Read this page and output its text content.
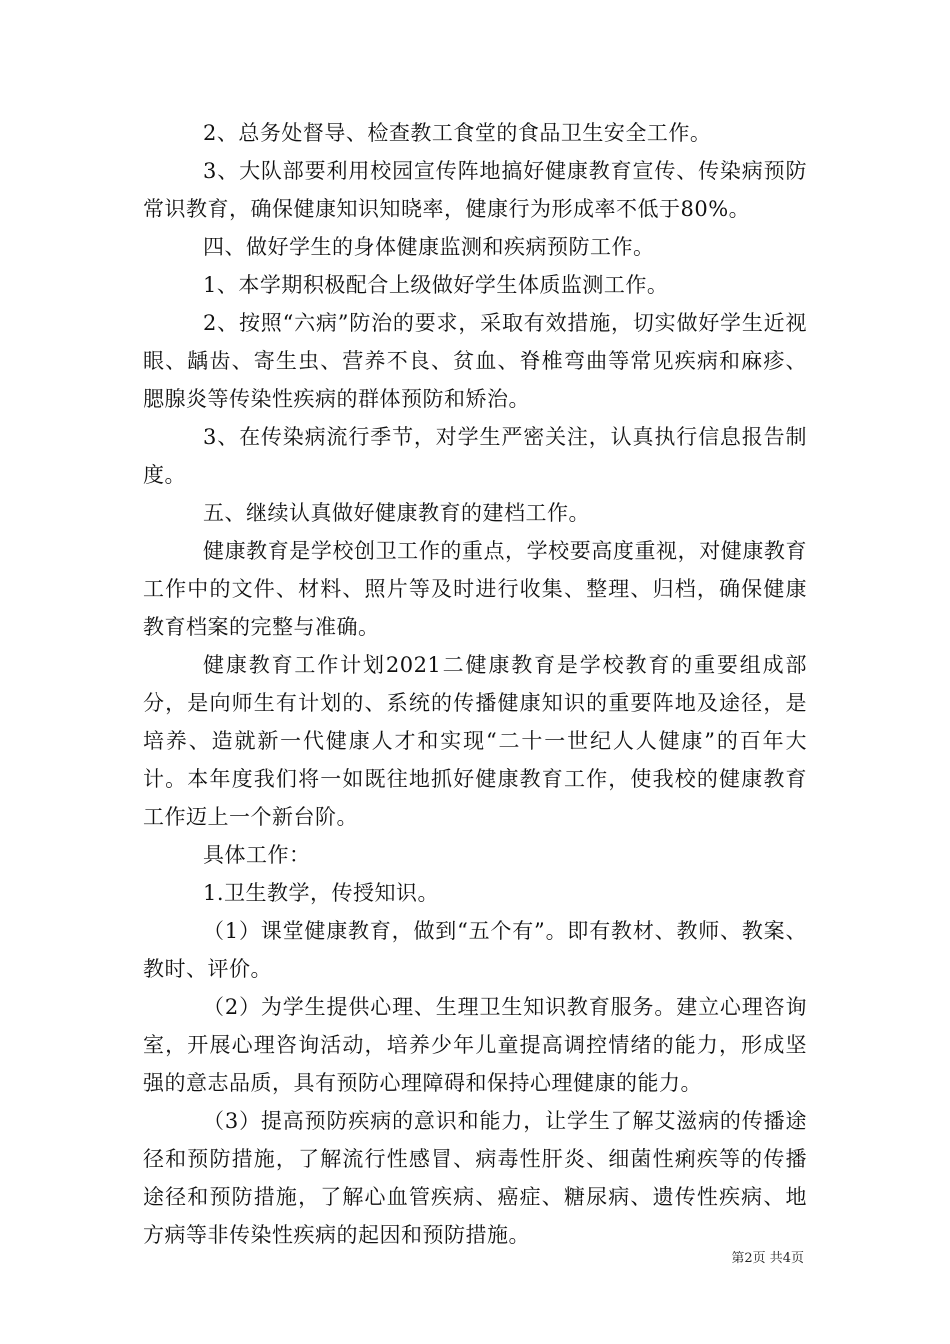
2、总务处督导、检查教工食堂的食品卫生安全工作。

3、大队部要利用校园宣传阵地搞好健康教育宣传、传染病预防常识教育，确保健康知识知晓率，健康行为形成率不低于80%。

四、做好学生的身体健康监测和疾病预防工作。

1、本学期积极配合上级做好学生体质监测工作。

2、按照“六病”防治的要求，采取有效措施，切实做好学生近视眼、龋齿、寄生虫、营养不良、贫血、脊椎弯曲等常见疾病和麻疹、腮腺炎等传染性疾病的群体预防和矫治。

3、在传染病流行季节，对学生严密关注，认真执行信息报告制度。

五、继续认真做好健康教育的建档工作。

健康教育是学校创卫工作的重点，学校要高度重视，对健康教育工作中的文件、材料、照片等及时进行收集、整理、归档，确保健康教育档案的完整与准确。

健康教育工作计划2021二健康教育是学校教育的重要组成部分，是向师生有计划的、系统的传播健康知识的重要阵地及途径，是培养、造就新一代健康人才和实现“二十一世纪人人健康”的百年大计。本年度我们将一如既往地抓好健康教育工作，使我校的健康教育工作迈上一个新台阶。

具体工作：

1.卫生教学，传授知识。

（1）课堂健康教育，做到“五个有”。即有教材、教师、教案、教时、评价。

（2）为学生提供心理、生理卫生知识教育服务。建立心理咨询室，开展心理咨询活动，培养少年儿童提高调控情绪的能力，形成坚强的意志品质，具有预防心理障碍和保持心理健康的能力。

（3）提高预防疾病的意识和能力，让学生了解艾滋病的传播途径和预防措施，了解流行性感冒、病毒性肝炎、细菌性痢疾等的传播途径和预防措施，了解心血管疾病、癌症、糖尿病、遗传性疾病、地方病等非传染性疾病的起因和预防措施。

第2页 共4页
